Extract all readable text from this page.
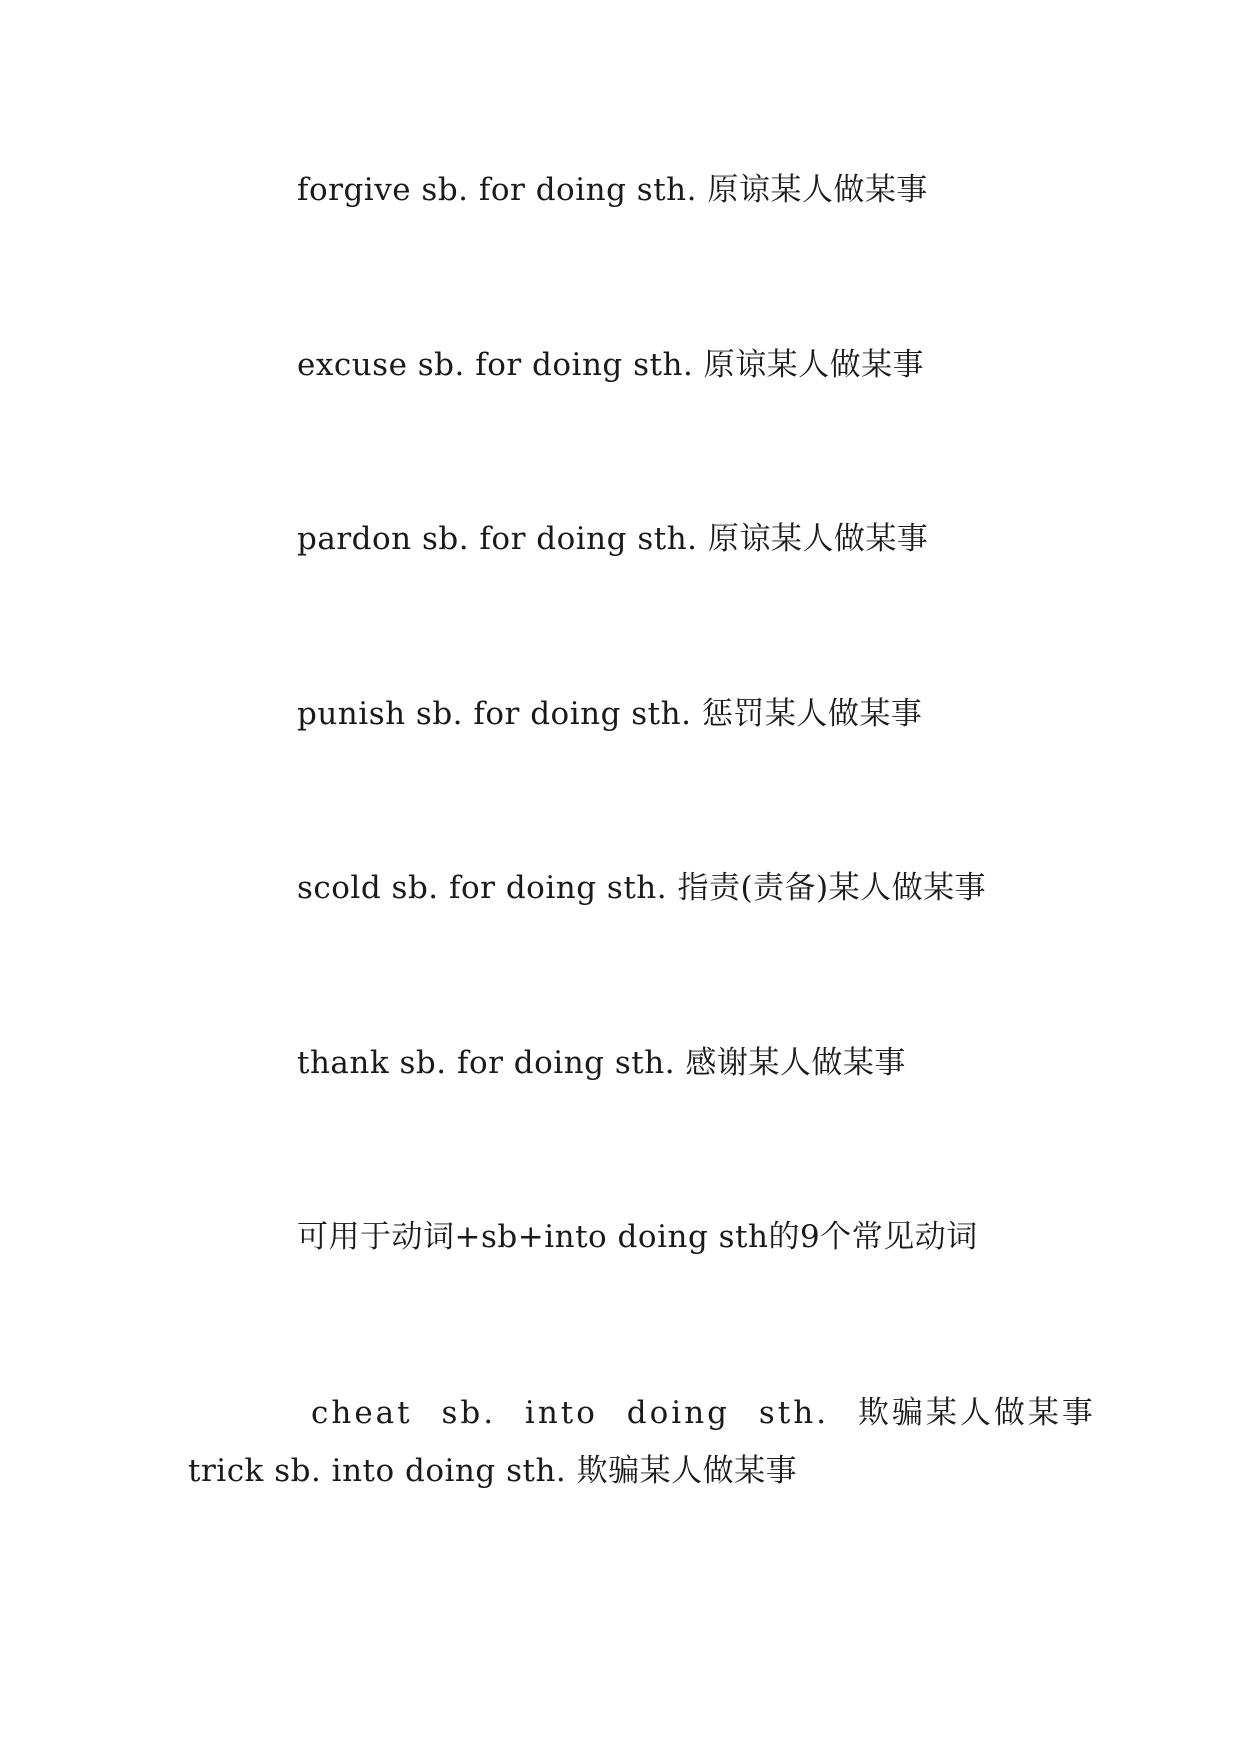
forgive sb. for doing sth. 原谅某人做某事
excuse sb. for doing sth. 原谅某人做某事
pardon sb. for doing sth. 原谅某人做某事
punish sb. for doing sth. 惩罚某人做某事
scold sb. for doing sth. 指责(责备)某人做某事
thank sb. for doing sth. 感谢某人做某事
可用于动词+sb+into doing sth的9个常见动词
cheat sb. into doing sth. 欺骗某人做某事
trick sb. into doing sth. 欺骗某人做某事
